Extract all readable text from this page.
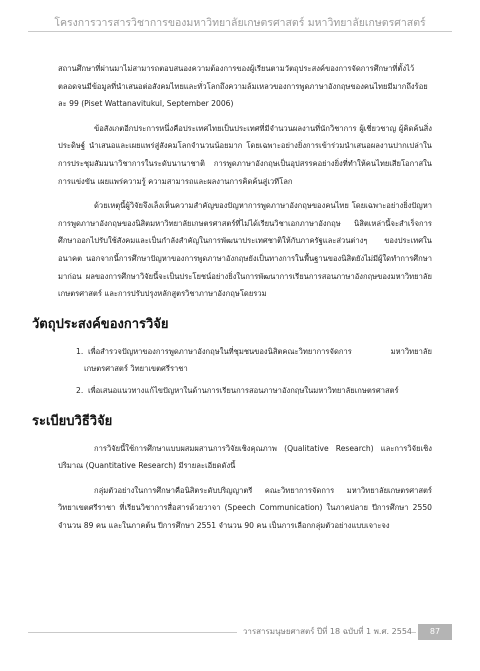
โครงการวารสารวิชาการของมหาวิทยาลัยเกษตรศาสตร์ มหาวิทยาลัยเกษตรศาสตร์

สถานศึกษาที่ผ่านมาไม่สามารถตอบสนองความต้องการของผู้เรียนตามวัตถุประสงค์ของการจัดการศึกษาที่ตั้งไว้ ตลอดจนมีข้อมูลที่นำเสนอต่อสังคมไทยและทั่วโลกถึงความล้มเหลวของการพูดภาษาอังกฤษของคนไทยมีมากถึงร้อยละ 99 (Piset Wattanavitukul, September 2006)

ข้อสังเกตอีกประการหนึ่งคือประเทศไทยเป็นประเทศที่มีจำนวนผลงานที่นักวิชาการ ผู้เชี่ยวชาญ ผู้คิดค้นสิ่งประดิษฐ์ นำเสนอและเผยแพร่สู่สังคมโลกจำนวนน้อยมาก โดยเฉพาะอย่างยิ่งการเข้าร่วมนำเสนอผลงานปากเปล่าในการประชุมสัมมนาวิชาการในระดับนานาชาติ การพูดภาษาอังกฤษเป็นอุปสรรคอย่างยิ่งที่ทำให้คนไทยเสียโอกาสในการแข่งขัน เผยแพร่ความรู้ ความสามารถและผลงานการคิดค้นสู่เวทีโลก

ด้วยเหตุนี้ผู้วิจัยจึงเล็งเห็นความสำคัญของปัญหาการพูดภาษาอังกฤษของคนไทย โดยเฉพาะอย่างยิ่งปัญหาการพูดภาษาอังกฤษของนิสิตมหาวิทยาลัยเกษตรศาสตร์ที่ไม่ได้เรียนวิชาเอกภาษาอังกฤษ นิสิตเหล่านี้จะสำเร็จการศึกษาออกไปรับใช้สังคมและเป็นกำลังสำคัญในการพัฒนาประเทศชาติให้กับภาครัฐและส่วนต่างๆ ของประเทศในอนาคต นอกจากนี้การศึกษาปัญหาของการพูดภาษาอังกฤษยังเป็นทางการในพื้นฐานของนิสิตยังไม่มีผู้ใดทำการศึกษามาก่อน ผลของการศึกษาวิจัยนี้จะเป็นประโยชน์อย่างยิ่งในการพัฒนาการเรียนการสอนภาษาอังกฤษของมหาวิทยาลัยเกษตรศาสตร์ และการปรับปรุงหลักสูตรวิชาภาษาอังกฤษโดยรวม

วัตถุประสงค์ของการวิจัย

1. เพื่อสำรวจปัญหาของการพูดภาษาอังกฤษในที่ชุมชนของนิสิตคณะวิทยาการจัดการ มหาวิทยาลัยเกษตรศาสตร์ วิทยาเขตศรีราชา

2. เพื่อเสนอแนวทางแก้ไขปัญหาในด้านการเรียนการสอนภาษาอังกฤษในมหาวิทยาลัยเกษตรศาสตร์

ระเบียบวิธีวิจัย

การวิจัยนี้ใช้การศึกษาแบบผสมผสานการวิจัยเชิงคุณภาพ (Qualitative Research) และการวิจัยเชิงปริมาณ (Quantitative Research) มีรายละเอียดดังนี้

กลุ่มตัวอย่างในการศึกษาคือนิสิตระดับปริญญาตรี คณะวิทยาการจัดการ มหาวิทยาลัยเกษตรศาสตร์ วิทยาเขตศรีราชา ที่เรียนวิชาการสื่อสารด้วยวาจา (Speech Communication) ในภาคปลาย ปีการศึกษา 2550 จำนวน 89 คน และในภาคต้น ปีการศึกษา 2551 จำนวน 90 คน เป็นการเลือกกลุ่มตัวอย่างแบบเจาะจง

วารสารมนุษยศาสตร์ ปีที่ 18 ฉบับที่ 1 พ.ศ. 2554	87
